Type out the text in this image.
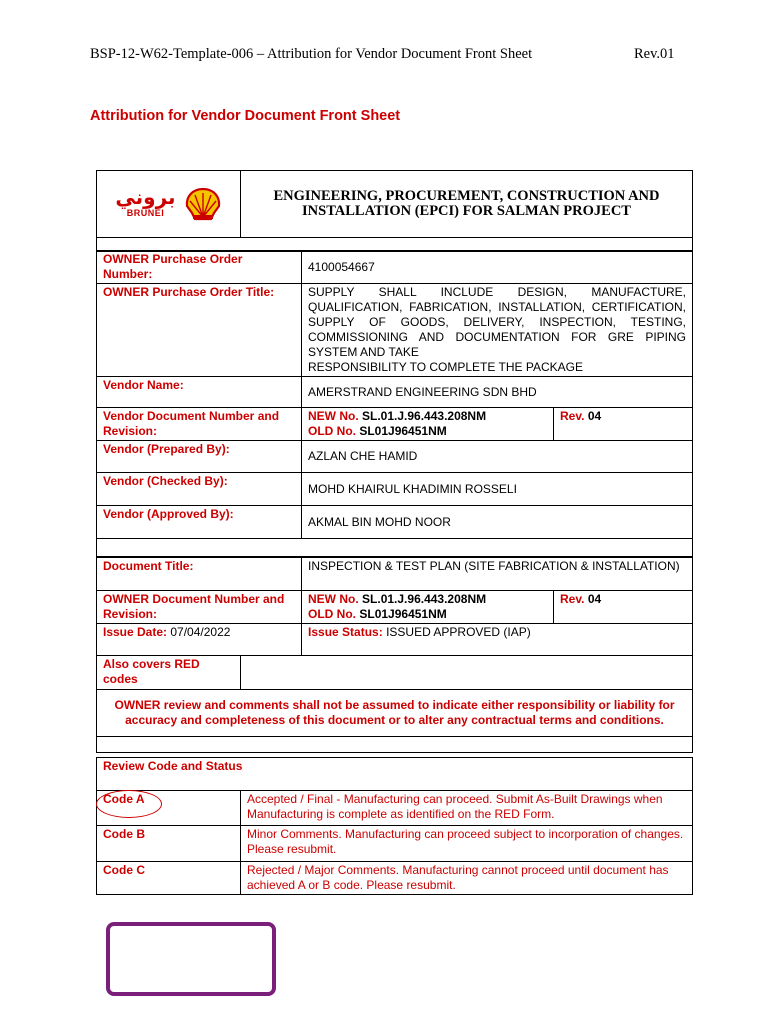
BSP-12-W62-Template-006 – Attribution for Vendor Document Front Sheet	Rev.01
Attribution for Vendor Document Front Sheet
بروني
BRUNEI

ENGINEERING, PROCUREMENT, CONSTRUCTION AND
INSTALLATION (EPCI) FOR SALMAN PROJECT

OWNER Purchase Order Number:	4100054667	
OWNER Purchase Order Title:	SUPPLY SHALL INCLUDE DESIGN, MANUFACTURE, QUALIFICATION, FABRICATION, INSTALLATION, CERTIFICATION, SUPPLY OF GOODS, DELIVERY, INSPECTION, TESTING, COMMISSIONING AND DOCUMENTATION FOR GRE PIPING SYSTEM AND TAKE
RESPONSIBILITY TO COMPLETE THE PACKAGE	

Vendor Name:	AMERSTRAND ENGINEERING SDN BHD	
Vendor Document Number and Revision:	NEW No. SL.01.J.96.443.208NM
OLD No. SL01J96451NM	Rev. 04
Vendor (Prepared By):	AZLAN CHE HAMID	
Vendor (Checked By):	MOHD KHAIRUL KHADIMIN ROSSELI	
Vendor (Approved By):	AKMAL BIN MOHD NOOR	

Document Title:		INSPECTION & TEST PLAN (SITE FABRICATION & INSTALLATION)	
OWNER Document Number and Revision:		NEW No. SL.01.J.96.443.208NM
OLD No. SL01J96451NM	Rev. 04
Issue Date: 07/04/2022		Issue Status: ISSUED APPROVED (IAP)	
Also covers RED codes			
OWNER review and comments shall not be assumed to indicate either responsibility or liability for accuracy and completeness of this document or to alter any contractual terms and conditions.			

Review Code and Status	
Code A	Accepted / Final - Manufacturing can proceed. Submit As-Built Drawings when Manufacturing is complete as identified on the RED Form.
Code B	Minor Comments. Manufacturing can proceed subject to incorporation of changes. Please resubmit.
Code C	Rejected / Major Comments. Manufacturing cannot proceed until document has achieved A or B code. Please resubmit.
